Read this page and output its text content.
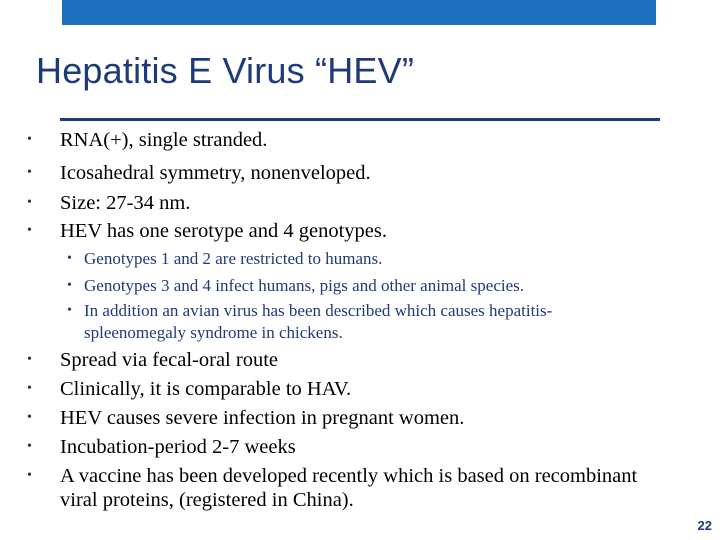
Hepatitis E Virus “HEV”
• RNA(+), single stranded.
• Icosahedral symmetry, nonenveloped.
• Size: 27-34 nm.
• HEV has one serotype and 4 genotypes.
• Genotypes 1 and 2 are restricted to humans.
• Genotypes 3 and 4 infect humans, pigs and other animal species.
• In addition an avian virus has been described which causes hepatitis-
spleenomegaly syndrome in chickens.
• Spread via fecal-oral route
• Clinically, it is comparable to HAV.
• HEV causes severe infection in pregnant women.
• Incubation-period 2-7 weeks
• A vaccine has been developed recently which is based on recombinant
viral proteins, (registered in China).
22
